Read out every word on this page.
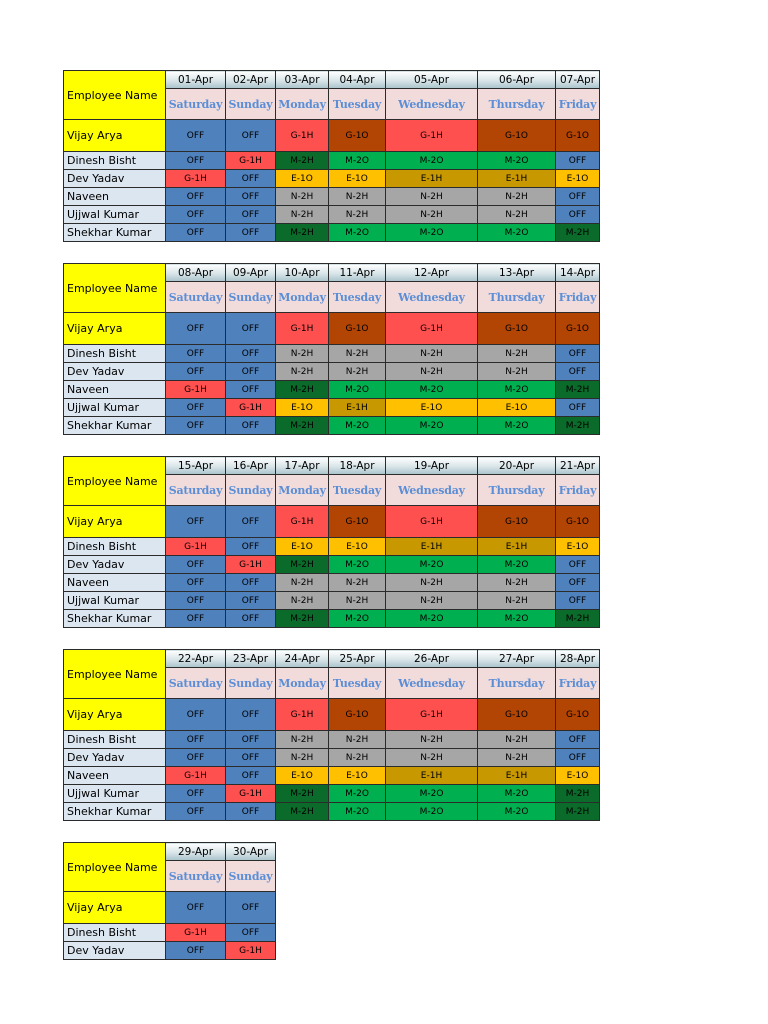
Employee Name	01-Apr	02-Apr	03-Apr	04-Apr	05-Apr	06-Apr	07-Apr
	Saturday	Sunday	Monday	Tuesday	Wednesday	Thursday	Friday
Vijay Arya	OFF	OFF	G-1H	G-1O	G-1H	G-1O	G-1O
Dinesh Bisht	OFF	G-1H	M-2H	M-2O	M-2O	M-2O	OFF
Dev Yadav	G-1H	OFF	E-1O	E-1O	E-1H	E-1H	E-1O
Naveen	OFF	OFF	N-2H	N-2H	N-2H	N-2H	OFF
Ujjwal Kumar	OFF	OFF	N-2H	N-2H	N-2H	N-2H	OFF
Shekhar Kumar	OFF	OFF	M-2H	M-2O	M-2O	M-2O	M-2H
Employee Name	08-Apr	09-Apr	10-Apr	11-Apr	12-Apr	13-Apr	14-Apr
	Saturday	Sunday	Monday	Tuesday	Wednesday	Thursday	Friday
Vijay Arya	OFF	OFF	G-1H	G-1O	G-1H	G-1O	G-1O
Dinesh Bisht	OFF	OFF	N-2H	N-2H	N-2H	N-2H	OFF
Dev Yadav	OFF	OFF	N-2H	N-2H	N-2H	N-2H	OFF
Naveen	G-1H	OFF	M-2H	M-2O	M-2O	M-2O	M-2H
Ujjwal Kumar	OFF	G-1H	E-1O	E-1H	E-1O	E-1O	OFF
Shekhar Kumar	OFF	OFF	M-2H	M-2O	M-2O	M-2O	M-2H
Employee Name	15-Apr	16-Apr	17-Apr	18-Apr	19-Apr	20-Apr	21-Apr
	Saturday	Sunday	Monday	Tuesday	Wednesday	Thursday	Friday
Vijay Arya	OFF	OFF	G-1H	G-1O	G-1H	G-1O	G-1O
Dinesh Bisht	G-1H	OFF	E-1O	E-1O	E-1H	E-1H	E-1O
Dev Yadav	OFF	G-1H	M-2H	M-2O	M-2O	M-2O	OFF
Naveen	OFF	OFF	N-2H	N-2H	N-2H	N-2H	OFF
Ujjwal Kumar	OFF	OFF	N-2H	N-2H	N-2H	N-2H	OFF
Shekhar Kumar	OFF	OFF	M-2H	M-2O	M-2O	M-2O	M-2H
Employee Name	22-Apr	23-Apr	24-Apr	25-Apr	26-Apr	27-Apr	28-Apr
	Saturday	Sunday	Monday	Tuesday	Wednesday	Thursday	Friday
Vijay Arya	OFF	OFF	G-1H	G-1O	G-1H	G-1O	G-1O
Dinesh Bisht	OFF	OFF	N-2H	N-2H	N-2H	N-2H	OFF
Dev Yadav	OFF	OFF	N-2H	N-2H	N-2H	N-2H	OFF
Naveen	G-1H	OFF	E-1O	E-1O	E-1H	E-1H	E-1O
Ujjwal Kumar	OFF	G-1H	M-2H	M-2O	M-2O	M-2O	M-2H
Shekhar Kumar	OFF	OFF	M-2H	M-2O	M-2O	M-2O	M-2H
Employee Name	29-Apr	30-Apr
	Saturday	Sunday
Vijay Arya	OFF	OFF
Dinesh Bisht	G-1H	OFF
Dev Yadav	OFF	G-1H
